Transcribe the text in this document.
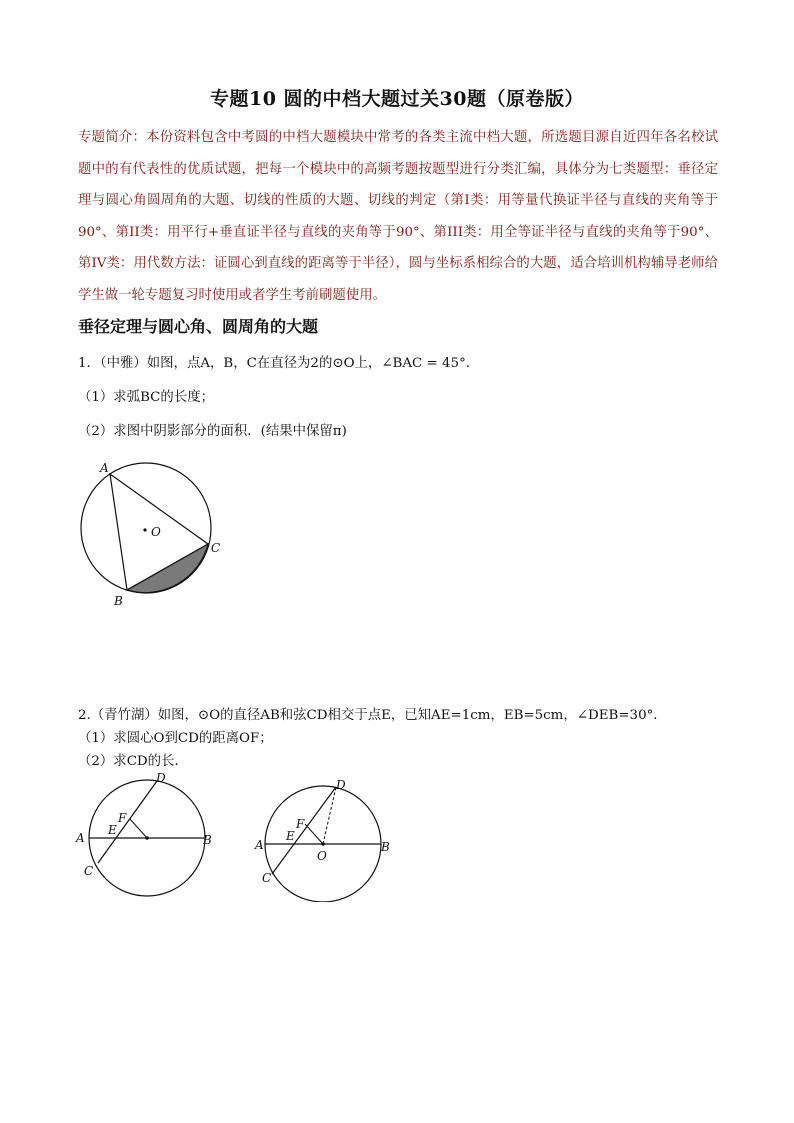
专题10 圆的中档大题过关30题（原卷版）
专题简介：本份资料包含中考圆的中档大题模块中常考的各类主流中档大题，所选题目源自近四年各名校试题中的有代表性的优质试题，把每一个模块中的高频考题按题型进行分类汇编，具体分为七类题型：垂径定理与圆心角圆周角的大题、切线的性质的大题、切线的判定（第I类：用等量代换证半径与直线的夹角等于90°、第II类：用平行+垂直证半径与直线的夹角等于90°、第III类：用全等证半径与直线的夹角等于90°、第IV类：用代数方法：证圆心到直线的距离等于半径），圆与坐标系相综合的大题，适合培训机构辅导老师给学生做一轮专题复习时使用或者学生考前刷题使用。
垂径定理与圆心角、圆周角的大题
1．（中雅）如图，点A，B，C在直径为2的⊙O上，∠BAC = 45°．
（1）求弧BC的长度；
（2）求图中阴影部分的面积．(结果中保留π)
A
B
C
O
2.（青竹湖）如图，⊙O的直径AB和弦CD相交于点E，已知AE=1cm，EB=5cm，∠DEB=30°．
（1）求圆心O到CD的距离OF；
（2）求CD的长．
A	B
C
D
E
F
A	B
C
D
E
F
O
